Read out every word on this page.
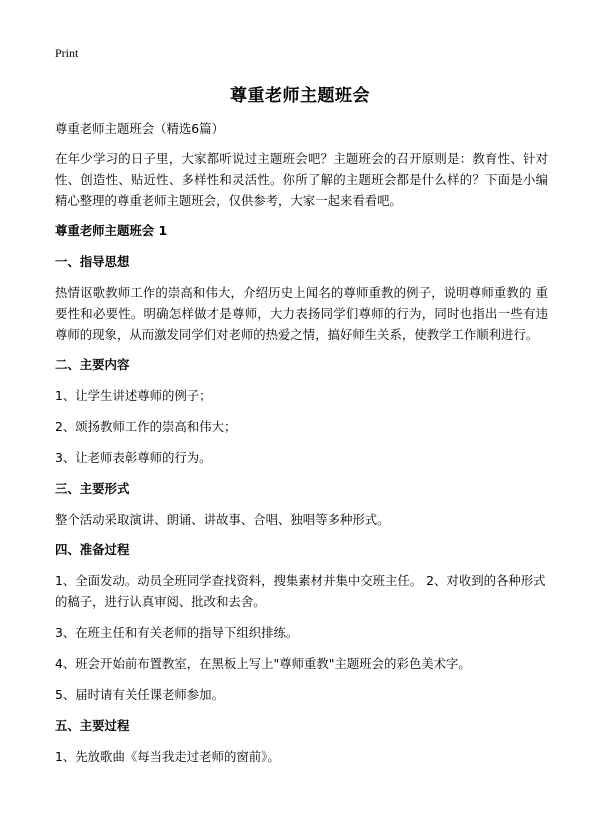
Print
尊重老师主题班会

尊重老师主题班会（精选6篇）

在年少学习的日子里，大家都听说过主题班会吧？主题班会的召开原则是：教育性、针对性、创造性、贴近性、多样性和灵活性。你所了解的主题班会都是什么样的？下面是小编精心整理的尊重老师主题班会，仅供参考，大家一起来看看吧。

尊重老师主题班会 1

一、指导思想

热情讴歌教师工作的崇高和伟大，介绍历史上闻名的尊师重教的例子，说明尊师重教的 重要性和必要性。明确怎样做才是尊师，大力表扬同学们尊师的行为，同时也指出一些有违尊师的现象，从而激发同学们对老师的热爱之情，搞好师生关系，使教学工作顺利进行。

二、主要内容

1、让学生讲述尊师的例子；

2、颂扬教师工作的崇高和伟大；

3、让老师表彰尊师的行为。

三、主要形式

整个活动采取演讲、朗诵、讲故事、合唱、独唱等多种形式。

四、准备过程

1、全面发动。动员全班同学查找资料，搜集素材并集中交班主任。 2、对收到的各种形式的稿子，进行认真审阅、批改和去舍。

3、在班主任和有关老师的指导下组织排练。

4、班会开始前布置教室，在黑板上写上"尊师重教"主题班会的彩色美术字。

5、届时请有关任课老师参加。

五、主要过程

1、先放歌曲《每当我走过老师的窗前》。
